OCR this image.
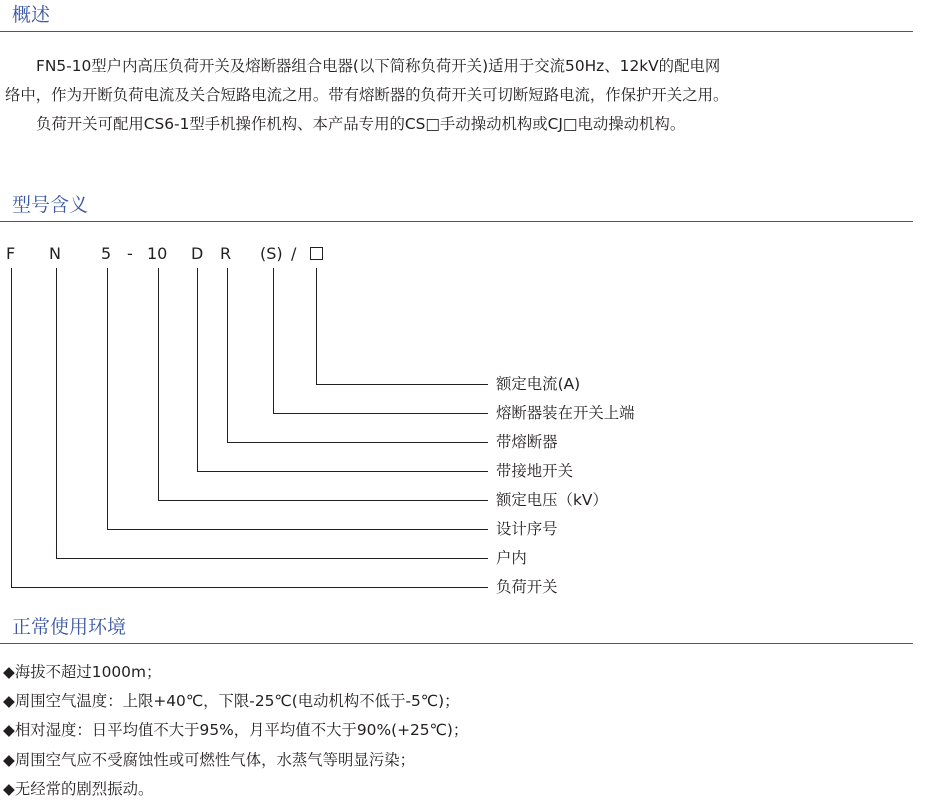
概述

FN5-10型户内高压负荷开关及熔断器组合电器(以下简称负荷开关)适用于交流50Hz、12kV的配电网

络中，作为开断负荷电流及关合短路电流之用。带有熔断器的负荷开关可切断短路电流，作保护开关之用。

负荷开关可配用CS6-1型手机操作机构、本产品专用的CS□手动操动机构或CJ□电动操动机构。

型号含义
F N	5 - 10 D R (S) /
额定电流(A)
熔断器装在开关上端
带熔断器
带接地开关
额定电压（kV）
设计序号
户内
负荷开关
正常使用环境

◆海拔不超过1000m；

◆周围空气温度：上限+40℃，下限-25℃(电动机构不低于-5℃)；

◆相对湿度：日平均值不大于95%，月平均值不大于90%(+25℃)；

◆周围空气应不受腐蚀性或可燃性气体，水蒸气等明显污染；

◆无经常的剧烈振动。
